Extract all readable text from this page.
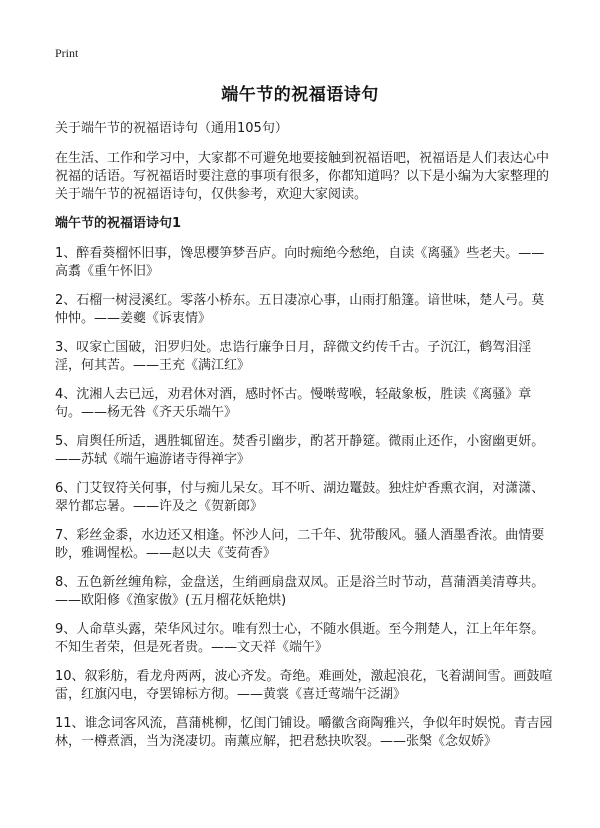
Print
端午节的祝福语诗句

关于端午节的祝福语诗句（通用105句）

在生活、工作和学习中，大家都不可避免地要接触到祝福语吧，祝福语是人们表达心中祝福的话语。写祝福语时要注意的事项有很多，你都知道吗？以下是小编为大家整理的关于端午节的祝福语诗句，仅供参考，欢迎大家阅读。

端午节的祝福语诗句1

1、醉看葵榴怀旧事，馋思樱笋梦吾庐。向时痴绝今愁绝，自读《离骚》些老夫。——高翥《重午怀旧》

2、石榴一树浸溪红。零落小桥东。五日凄凉心事，山雨打船篷。谙世味，楚人弓。莫忡忡。——姜夔《诉衷情》

3、叹家亡国破，汨罗归处。忠诰行廉争日月，辞微文约传千古。子沉江，鹤驾泪淫淫，何其苦。——王充《满江红》

4、沈湘人去已远，劝君休对酒，感时怀古。慢啭莺喉，轻敲象板，胜读《离骚》章句。——杨无咎《齐天乐端午》

5、肩舆任所适，遇胜辄留连。焚香引幽步，酌茗开静筵。微雨止还作，小窗幽更妍。——苏轼《端午遍游诸寺得禅字》

6、门艾钗符关何事，付与痴儿呆女。耳不听、湖边鼍鼓。独炷炉香熏衣润，对潇潇、翠竹都忘暑。——许及之《贺新郎》

7、彩丝金黍，水边还又相逢。怀沙人问，二千年、犹带酸风。骚人酒墨香浓。曲情要眇，雅调惺松。——赵以夫《芰荷香》

8、五色新丝缠角粽，金盘送，生绡画扇盘双凤。正是浴兰时节动，菖蒲酒美清尊共。——欧阳修《渔家傲》(五月榴花妖艳烘)

9、人命草头露，荣华风过尔。唯有烈士心，不随水俱逝。至今荆楚人，江上年年祭。不知生者荣，但是死者贵。——文天祥《端午》

10、叙彩舫，看龙舟两两，波心齐发。奇绝。难画处，激起浪花，飞着湖间雪。画鼓喧雷，红旗闪电，夺罢锦标方彻。——黄裳《喜迁莺端午泛湖》

11、谁念词客风流，菖蒲桃柳，忆闺门铺设。嚼徽含商陶雅兴，争似年时娱悦。青吉园林，一樽煮酒，当为浇凄切。南薰应解，把君愁抉吹裂。——张槃《念奴娇》
